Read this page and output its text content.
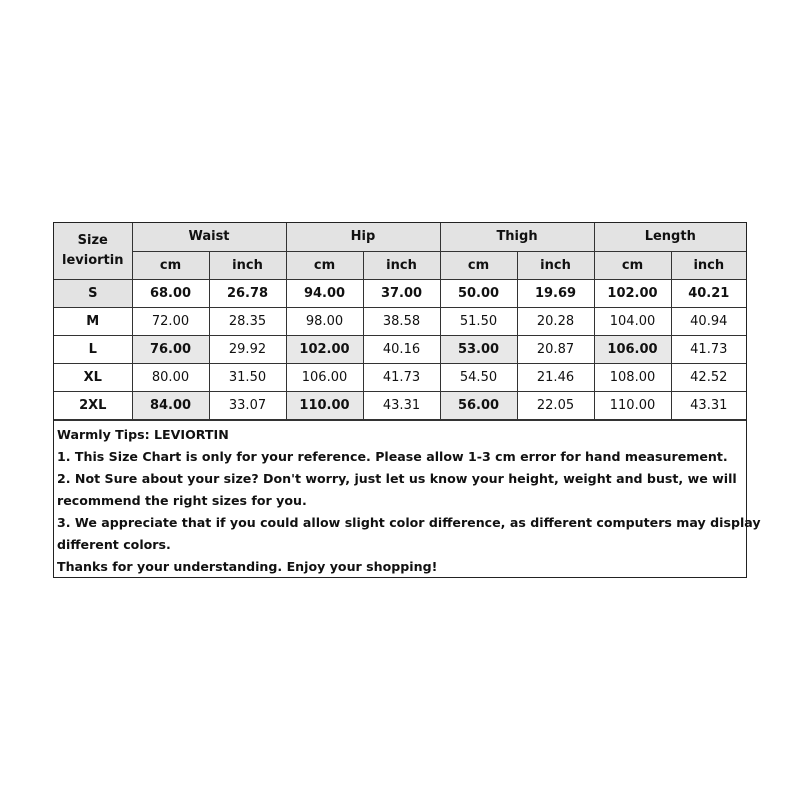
Size
leviortin	Waist		Hip		Thigh		Length	
	cm	inch	cm	inch	cm	inch	cm	inch
S	68.00	26.78	94.00	37.00	50.00	19.69	102.00	40.21
M	72.00	28.35	98.00	38.58	51.50	20.28	104.00	40.94
L	76.00	29.92	102.00	40.16	53.00	20.87	106.00	41.73
XL	80.00	31.50	106.00	41.73	54.50	21.46	108.00	42.52
2XL	84.00	33.07	110.00	43.31	56.00	22.05	110.00	43.31
Warmly Tips: LEVIORTIN
1. This Size Chart is only for your reference. Please allow 1-3 cm error for hand measurement.
2. Not Sure about your size? Don't worry, just let us know your height, weight and bust, we will
recommend the right sizes for you.
3. We appreciate that if you could allow slight color difference, as different computers may display
different colors.
Thanks for your understanding. Enjoy your shopping!
